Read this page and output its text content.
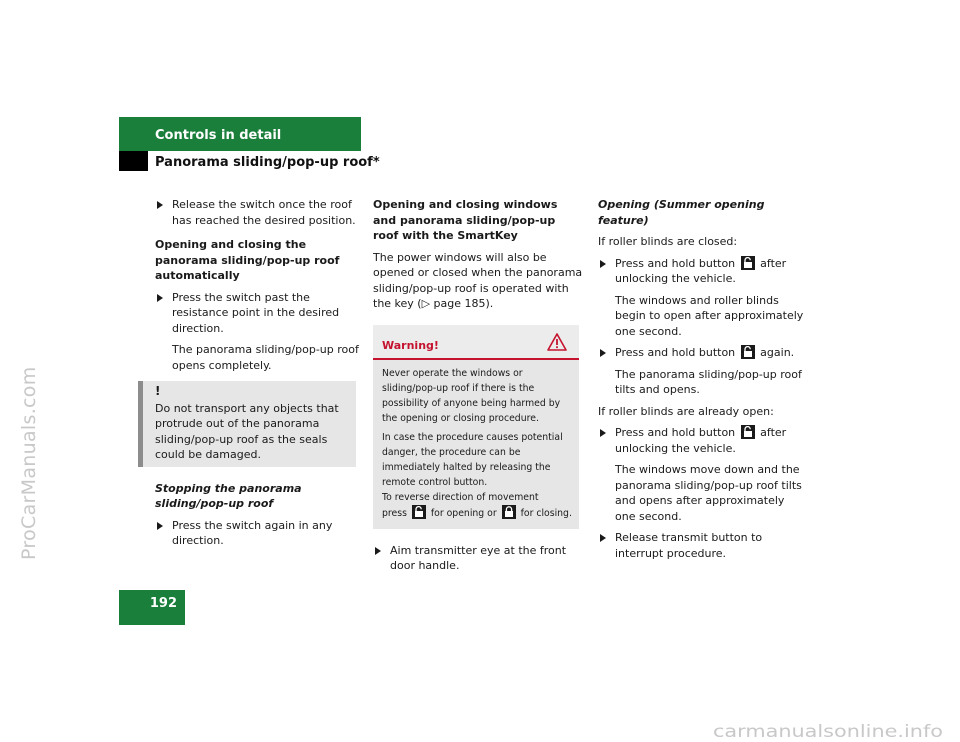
ProCarManuals.com
Controls in detail
Panorama sliding/pop-up roof*

Release the switch once the roof has reached the desired position.

Opening and closing the panorama sliding/pop-up roof automatically

Press the switch past the resistance point in the desired direction.

The panorama sliding/pop-up roof opens completely.

!

Do not transport any objects that protrude out of the panorama sliding/pop-up roof as the seals could be damaged.

Stopping the panorama sliding/pop-up roof

Press the switch again in any direction.

Opening and closing windows and panorama sliding/pop-up roof with the SmartKey

The power windows will also be opened or closed when the panorama sliding/pop-up roof is operated with the key (▷ page 185).

Warning!

Never operate the windows or sliding/pop-up roof if there is the possibility of anyone being harmed by the opening or closing procedure.

In case the procedure causes potential danger, the procedure can be immediately halted by releasing the remote control button.

To reverse direction of movement

press	for opening or	for closing.

Aim transmitter eye at the front door handle.

Opening (Summer opening feature)

If roller blinds are closed:

Press and hold button after unlocking the vehicle.

The windows and roller blinds begin to open after approximately one second.

Press and hold button again.

The panorama sliding/pop-up roof tilts and opens.

If roller blinds are already open:

Press and hold button after unlocking the vehicle.

The windows move down and the panorama sliding/pop-up roof tilts and opens after approximately one second.

Release transmit button to interrupt procedure.

192
carmanualsonline.info
